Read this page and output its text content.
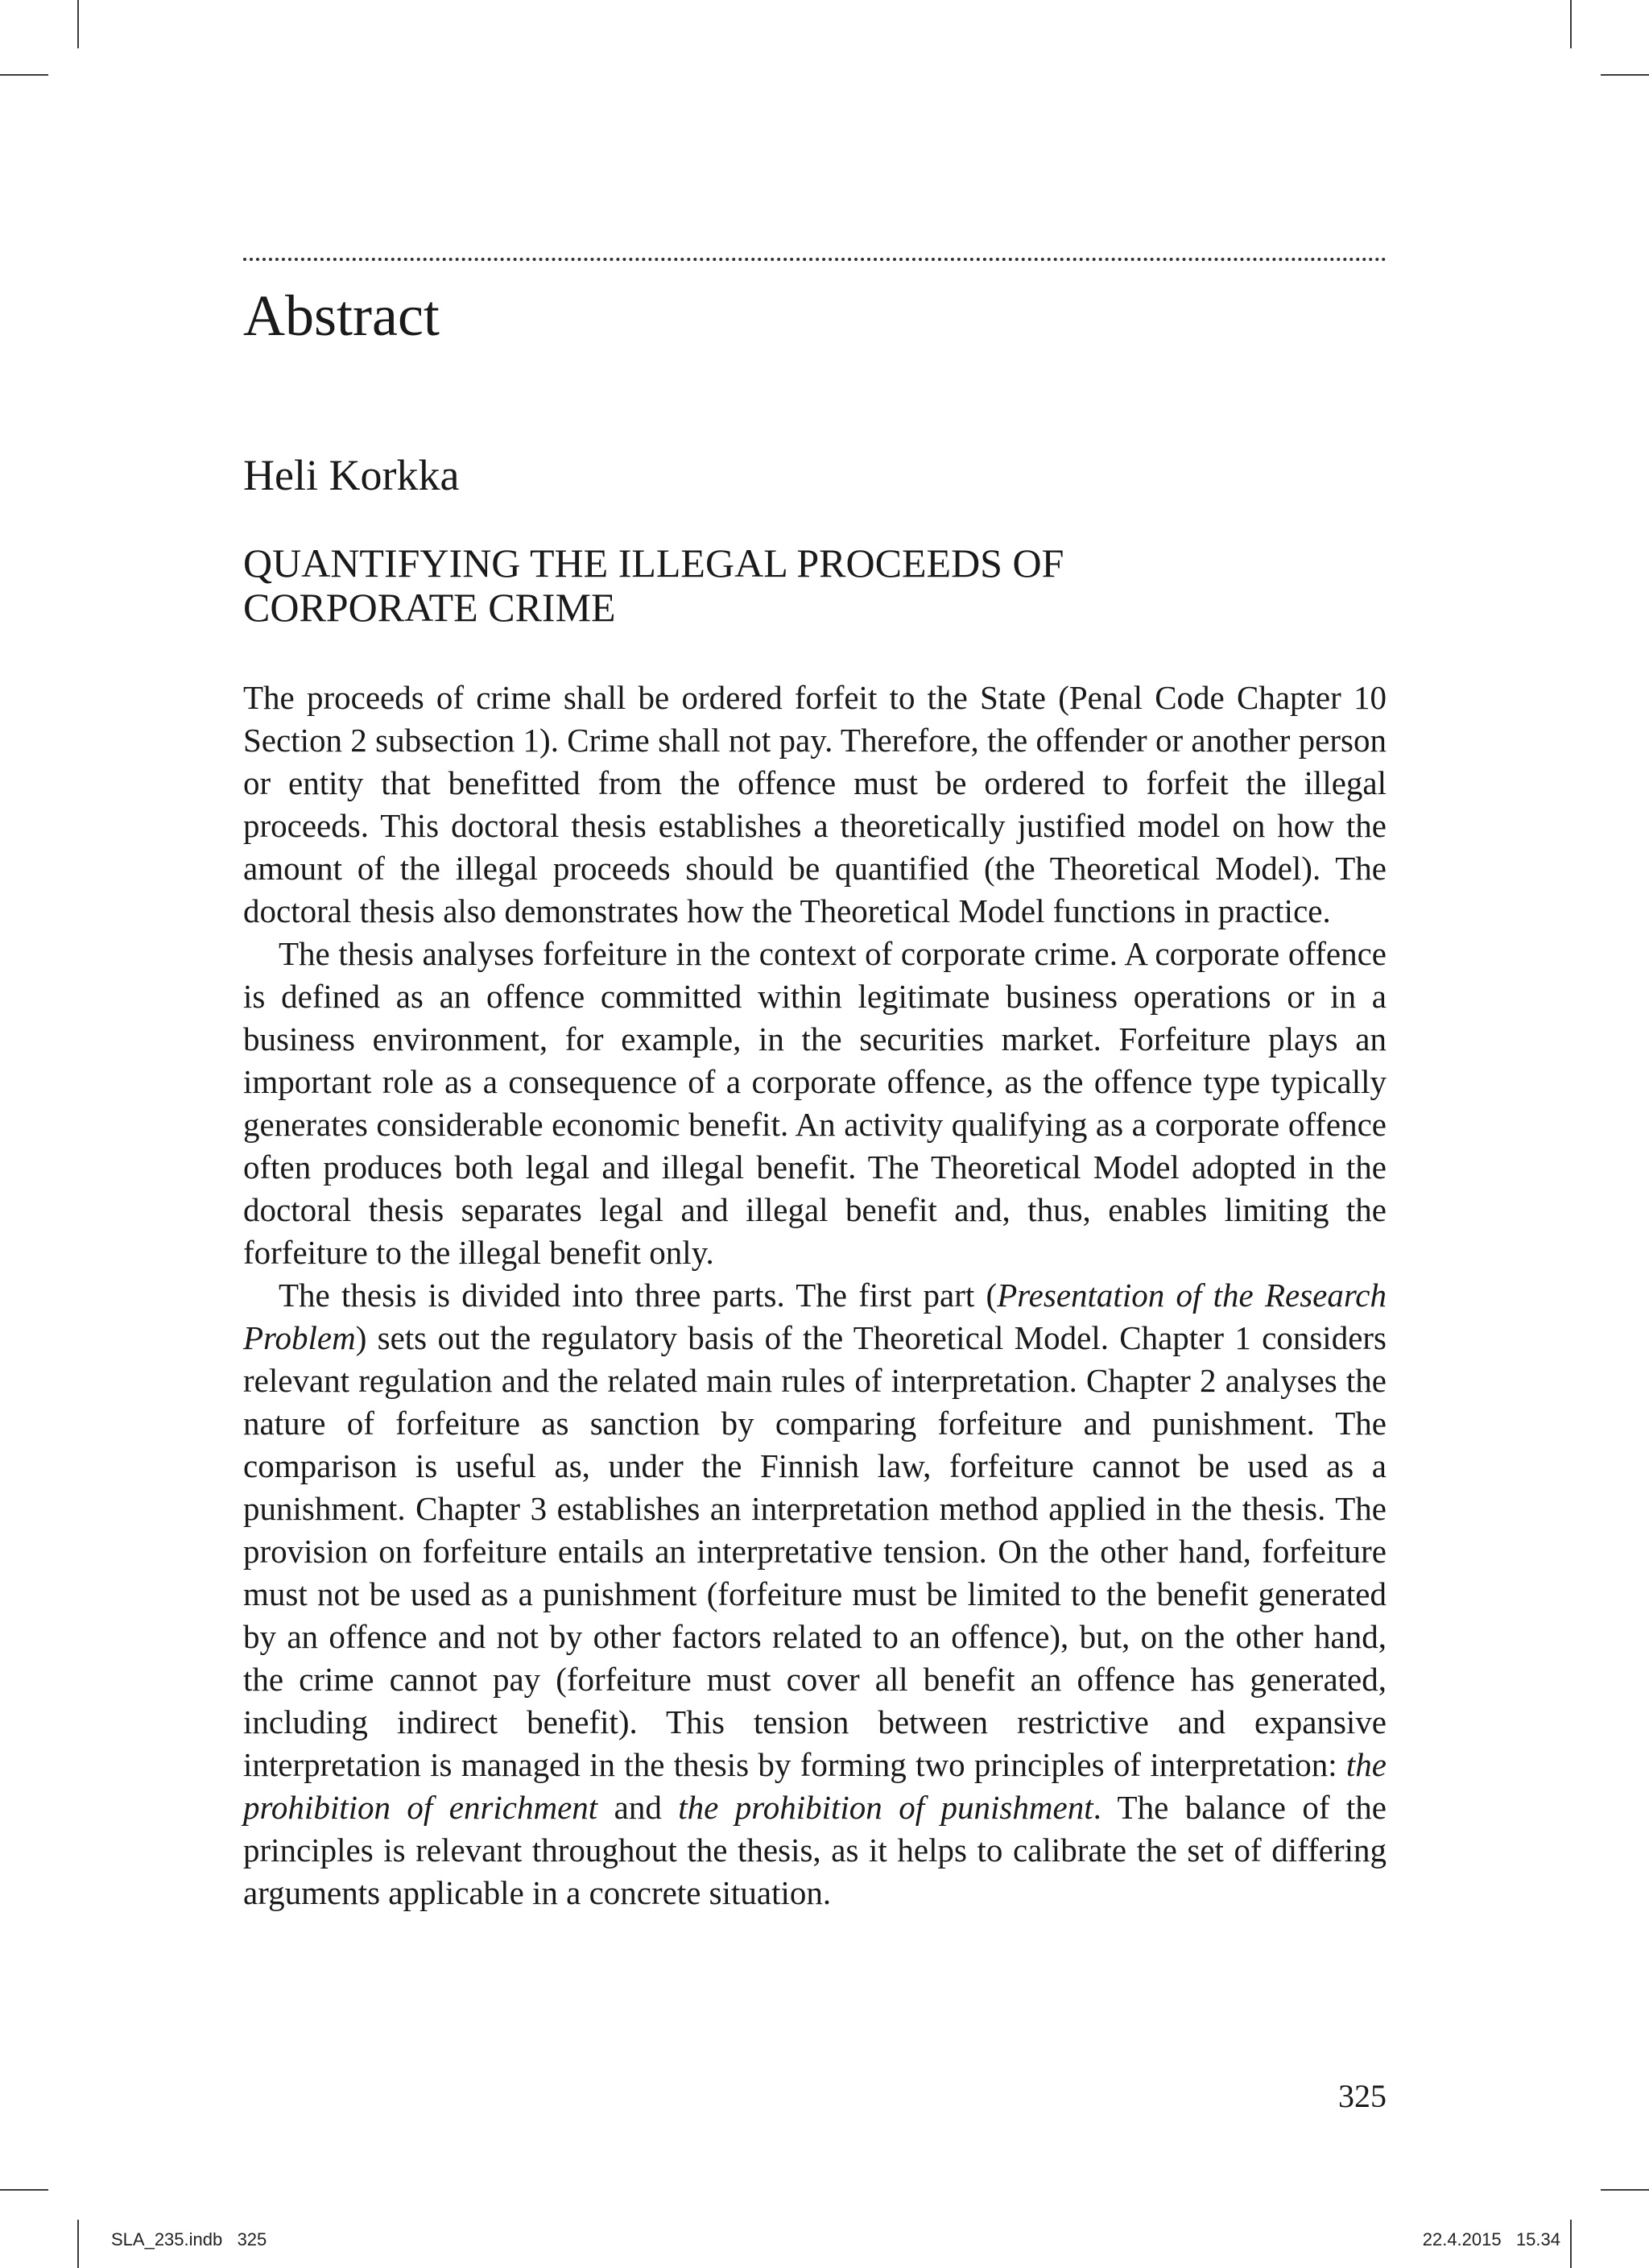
Abstract
Heli Korkka
QUANTIFYING THE ILLEGAL PROCEEDS OF
CORPORATE CRIME

The proceeds of crime shall be ordered forfeit to the State (Penal Code Chapter 10 Section 2 subsection 1). Crime shall not pay. Therefore, the offender or another person or entity that benefitted from the offence must be ordered to forfeit the illegal proceeds. This doctoral thesis establishes a theoretically justified model on how the amount of the illegal proceeds should be quantified (the Theoretical Model). The doctoral thesis also demonstrates how the Theoretical Model functions in practice.

The thesis analyses forfeiture in the context of corporate crime. A corporate offence is defined as an offence committed within legitimate business operations or in a business environment, for example, in the securities market. Forfeiture plays an important role as a consequence of a corporate offence, as the offence type typically generates considerable economic benefit. An activity qualifying as a corporate offence often produces both legal and illegal benefit. The Theoretical Model adopted in the doctoral thesis separates legal and illegal benefit and, thus, enables limiting the forfeiture to the illegal benefit only.

The thesis is divided into three parts. The first part (Presentation of the Research Problem) sets out the regulatory basis of the Theoretical Model. Chapter 1 considers relevant regulation and the related main rules of interpretation. Chapter 2 analyses the nature of forfeiture as sanction by comparing forfeiture and punishment. The comparison is useful as, under the Finnish law, forfeiture cannot be used as a punishment. Chapter 3 establishes an interpretation method applied in the thesis. The provision on forfeiture entails an interpretative tension. On the other hand, forfeiture must not be used as a punishment (forfeiture must be limited to the benefit generated by an offence and not by other factors related to an offence), but, on the other hand, the crime cannot pay (forfeiture must cover all benefit an offence has generated, including indirect benefit). This tension between restrictive and expansive interpretation is managed in the thesis by forming two principles of interpretation: the prohibition of enrichment and the prohibition of punishment. The balance of the principles is relevant throughout the thesis, as it helps to calibrate the set of differing arguments applicable in a concrete situation.

325
SLA_235.indb   325	22.4.2015   15.34
